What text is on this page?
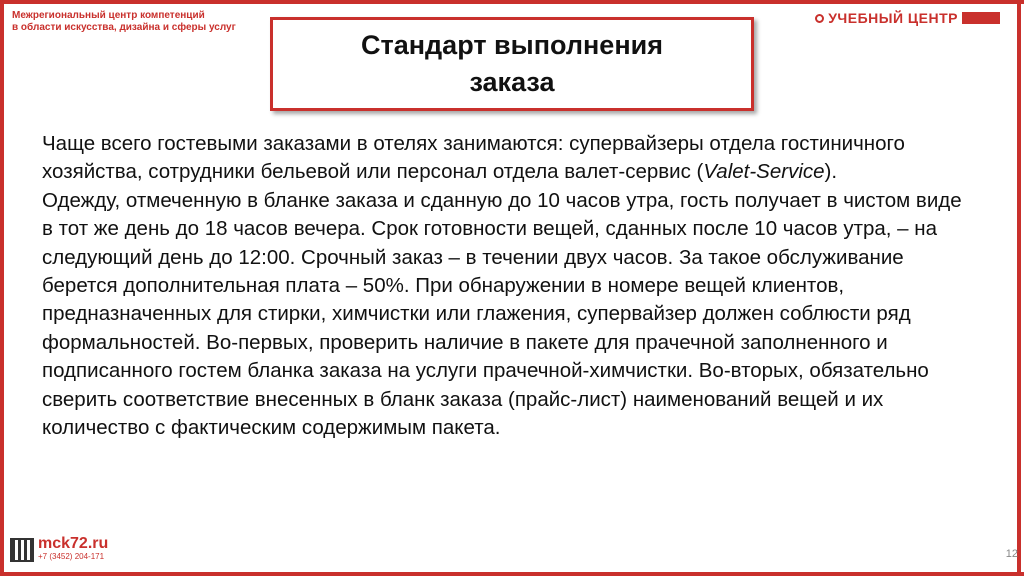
Межрегиональный центр компетенций
в области искусства, дизайна и сферы услуг
УЧЕБНЫЙ ЦЕНТР
Стандарт выполнения
заказа

Чаще всего гостевыми заказами в отелях занимаются: супервайзеры отдела гостиничного хозяйства, сотрудники бельевой или персонал отдела валет-сервис (Valet-Service).

Одежду, отмеченную в бланке заказа и сданную до 10 часов утра, гость получает в чистом виде в тот же день до 18 часов вечера. Срок готовности вещей, сданных после 10 часов утра, – на следующий день до 12:00. Срочный заказ – в течении двух часов. За такое обслуживание берется дополнительная плата – 50%. При обнаружении в номере вещей клиентов, предназначенных для стирки, химчистки или глажения, супервайзер должен соблюсти ряд формальностей. Во-первых, проверить наличие в пакете для прачечной заполненного и подписанного гостем бланка заказа на услуги прачечной-химчистки. Во-вторых, обязательно сверить соответствие внесенных в бланк заказа (прайс-лист) наименований вещей и их количество с фактическим содержимым пакета.

mck72.ru
+7 (3452) 204-171	12
